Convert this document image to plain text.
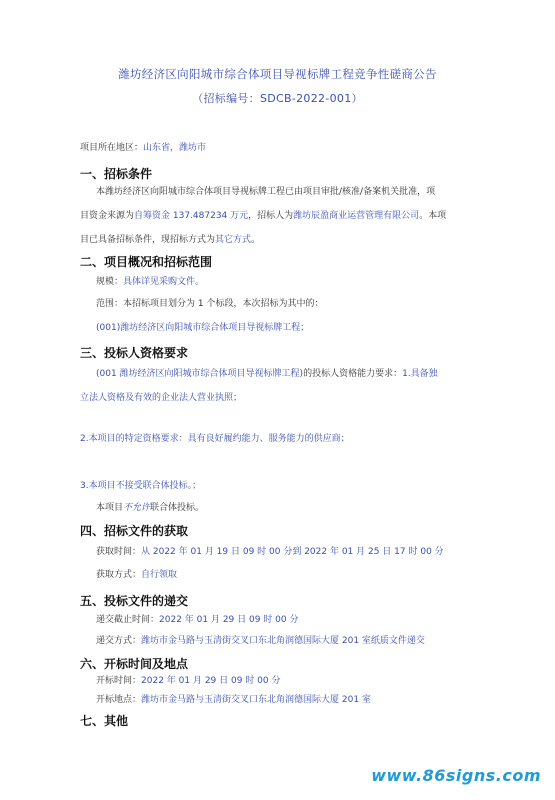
潍坊经济区向阳城市综合体项目导视标牌工程竞争性磋商公告
（招标编号：SDCB-2022-001）
项目所在地区：山东省，潍坊市
一、招标条件
本潍坊经济区向阳城市综合体项目导视标牌工程已由项目审批/核准/备案机关批准，项
目资金来源为自筹资金 137.487234 万元，招标人为潍坊辰盈商业运营管理有限公司。本项
目已具备招标条件，现招标方式为其它方式。
二、项目概况和招标范围
规模：具体详见采购文件。
范围：本招标项目划分为 1 个标段，本次招标为其中的：
(001)潍坊经济区向阳城市综合体项目导视标牌工程；
三、投标人资格要求
(001 潍坊经济区向阳城市综合体项目导视标牌工程)的投标人资格能力要求：1.具备独
立法人资格及有效的企业法人营业执照；
2.本项目的特定资格要求：具有良好履约能力、服务能力的供应商；
3.本项目不接受联合体投标。；
本项目不允许联合体投标。
四、招标文件的获取
获取时间：从 2022 年 01 月 19 日 09 时 00 分到 2022 年 01 月 25 日 17 时 00 分
获取方式：自行领取
五、投标文件的递交
递交截止时间：2022 年 01 月 29 日 09 时 00 分
递交方式：潍坊市金马路与玉清街交叉口东北角润德国际大厦 201 室纸质文件递交
六、开标时间及地点
开标时间：2022 年 01 月 29 日 09 时 00 分
开标地点：潍坊市金马路与玉清街交叉口东北角润德国际大厦 201 室
七、其他
www.86signs.com
